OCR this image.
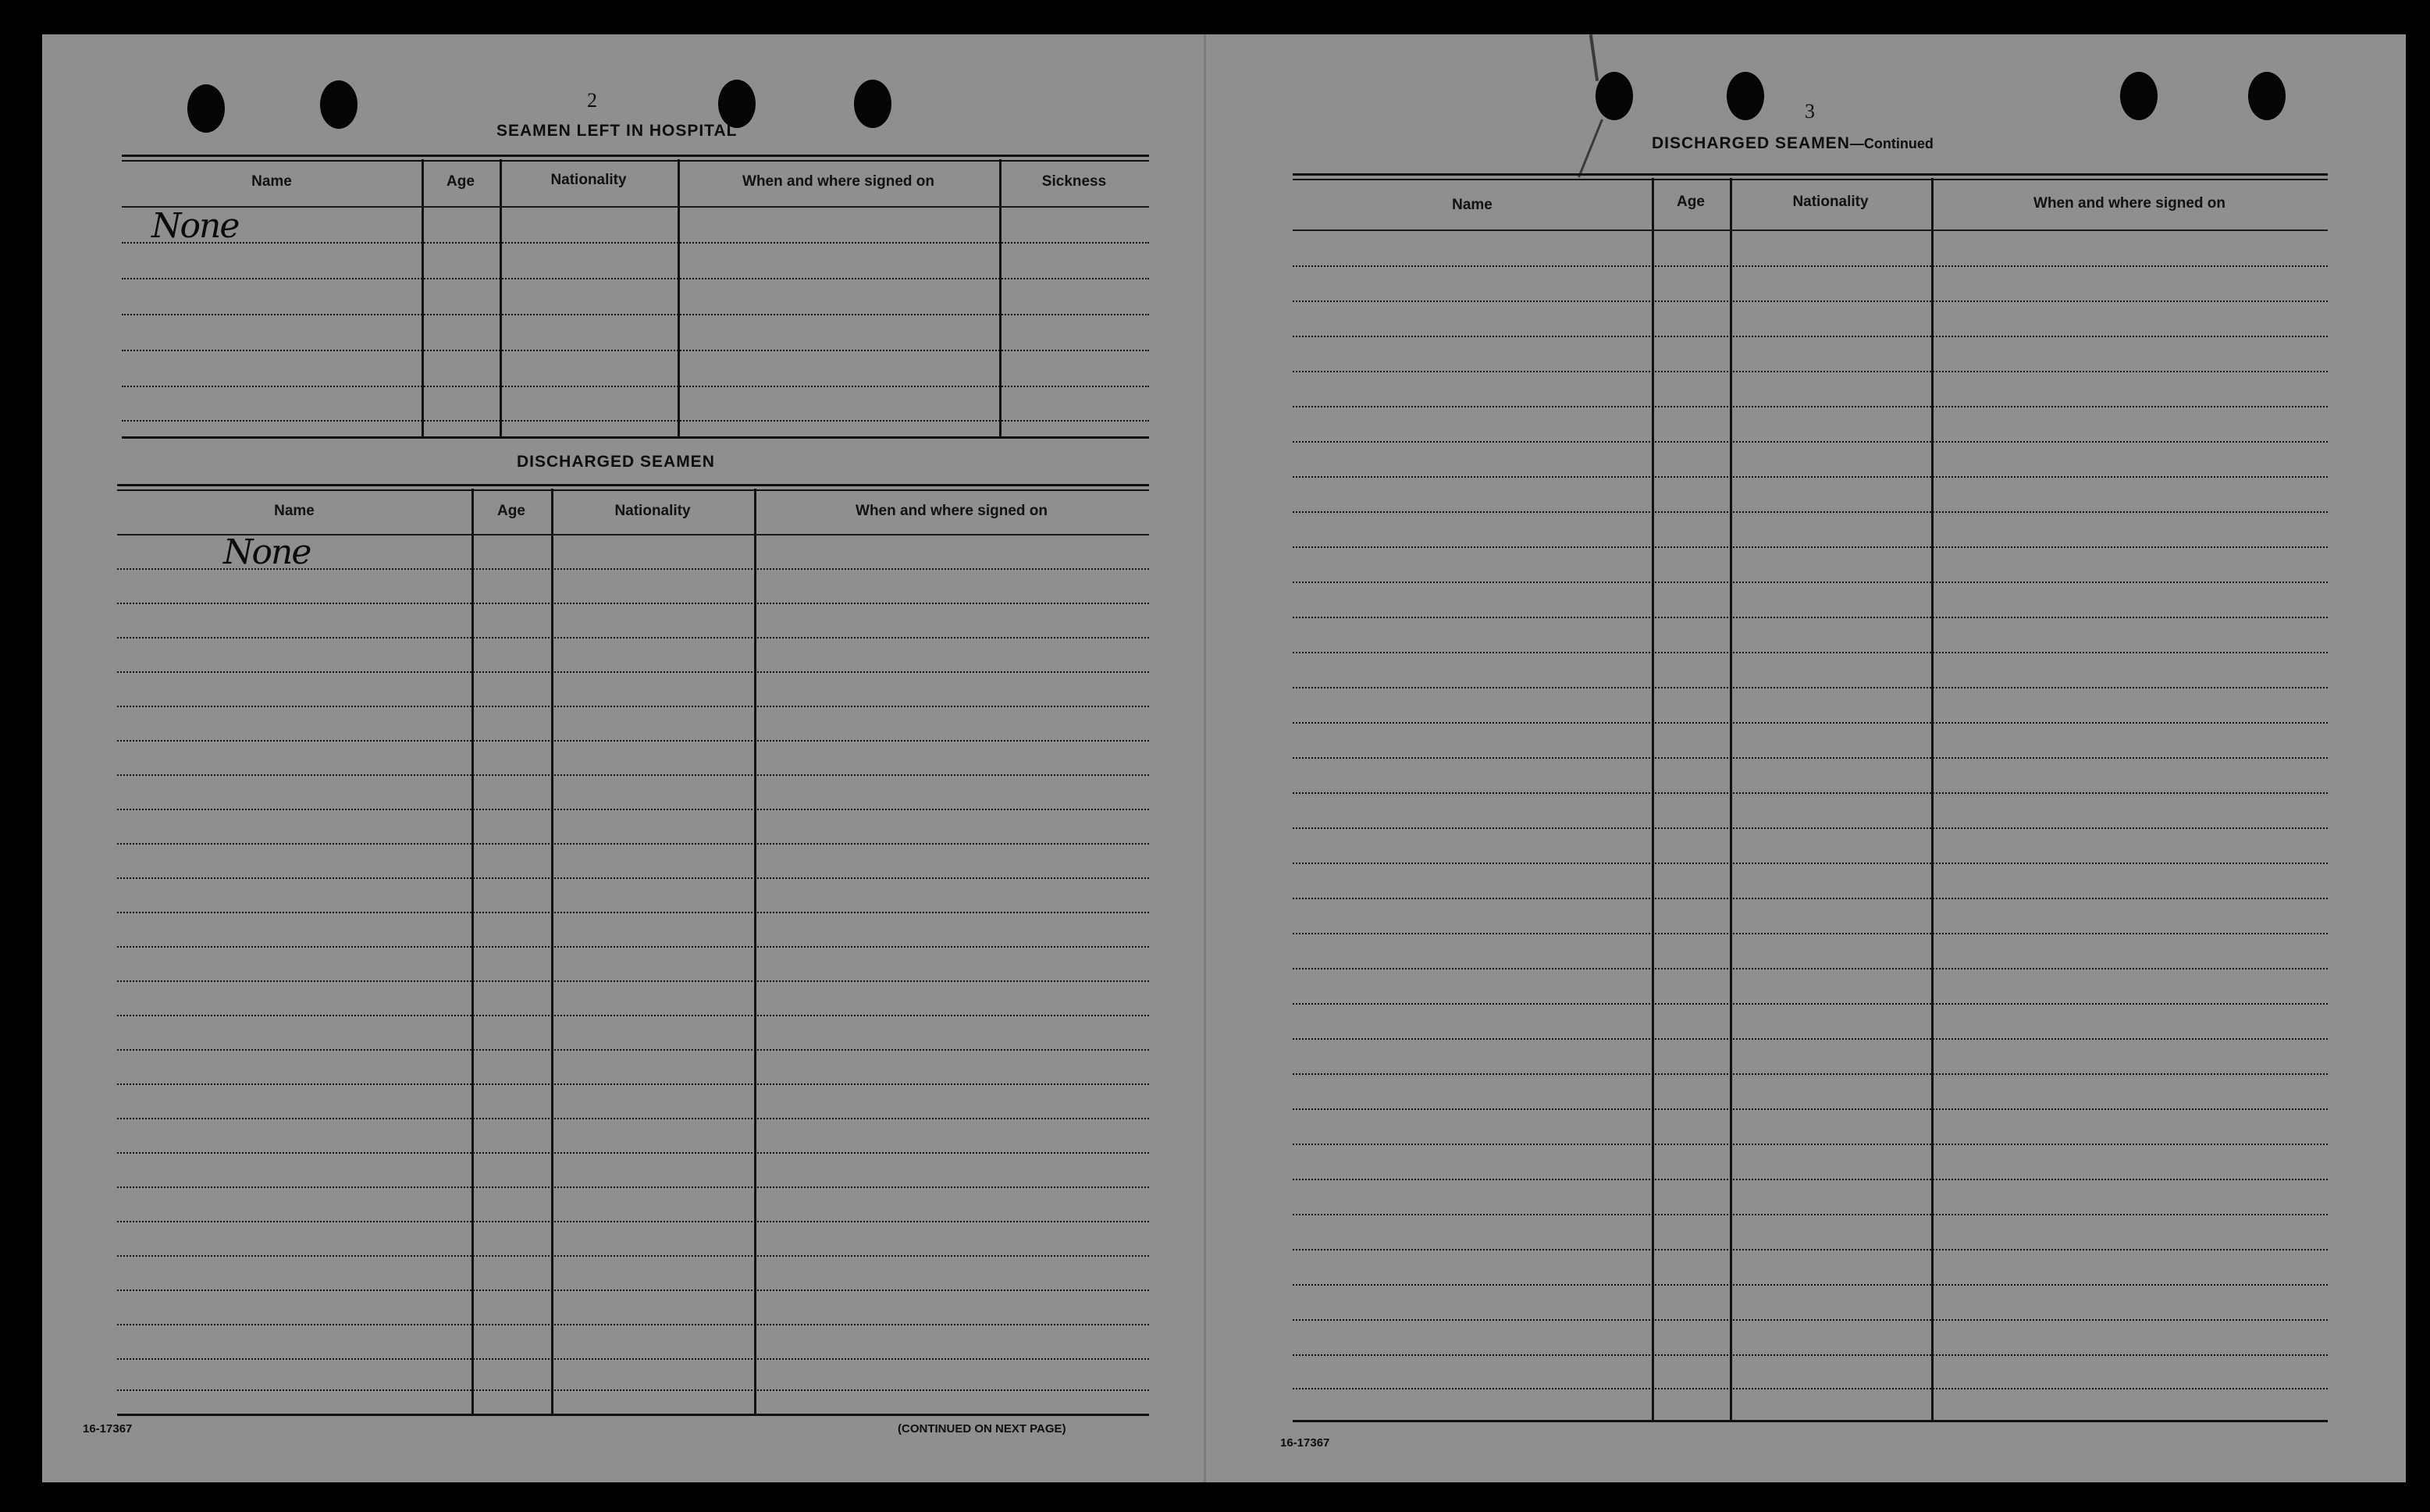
2
SEAMEN LEFT IN HOSPITAL
Name	Age	Nationality	When and where signed on	Sickness
None
DISCHARGED SEAMEN
Name	Age	Nationality	When and where signed on
None
16-17367	(CONTINUED ON NEXT PAGE)
3
DISCHARGED SEAMEN—Continued
Name	Age	Nationality	When and where signed on
16-17367
